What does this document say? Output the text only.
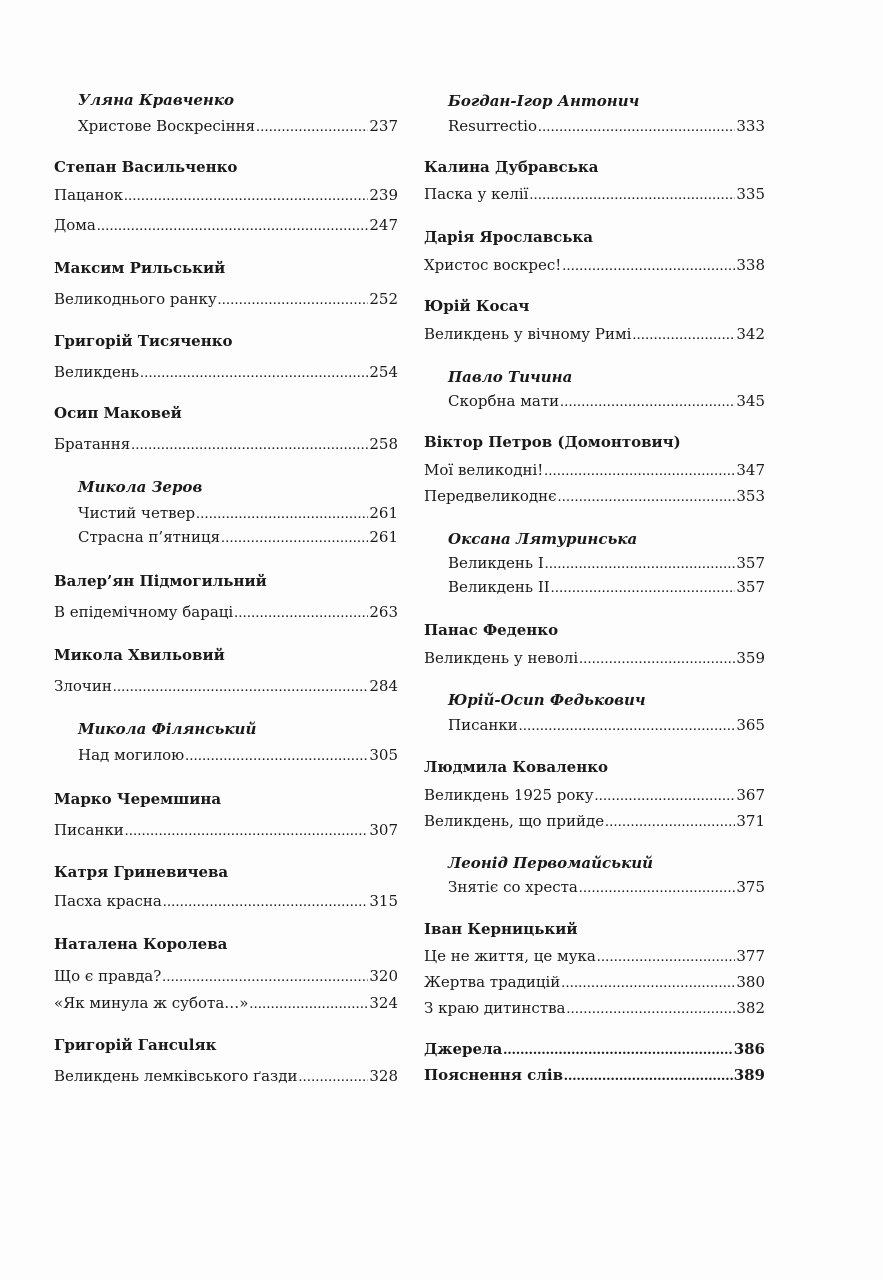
Уляна Кравченко
Христове Воскресіння .....	237
Степан Васильченко
Пацанок .....	239
Дома .....	247
Максим Рильський
Великоднього ранку .....	252
Григорій Тисяченко
Великдень .....	254
Осип Маковей
Братання .....	258
Микола Зеров
Чистий четвер .....	261
Страсна п’ятниця .....	261
Валер’ян Підмогильний
В епідемічному бараці .....	263
Микола Хвильовий
Злочин .....	284
Микола Філянський
Над могилою .....	305
Марко Черемшина
Писанки .....	307
Катря Гриневичева
Пасха красна .....	315
Наталена Королева
Що є правда? .....	320
«Як минула ж субота…» .....	324
Григорій Ганculяк
Великдень лемківського ґазди .....	328
Богдан-Ігор Антонич
Resurrectio .....	333
Калина Дубравська
Паска у келії .....	335
Дарія Ярославська
Христос воскрес! .....	338
Юрій Косач
Великдень у вічному Римі .....	342
Павло Тичина
Скорбна мати .....	345
Віктор Петров (Домонтович)
Мої великодні! .....	347
Передвеликоднє .....	353
Оксана Лятуринська
Великдень I .....	357
Великдень II .....	357
Панас Феденко
Великдень у неволі .....	359
Юрій-Осип Федькович
Писанки .....	365
Людмила Коваленко
Великдень 1925 року .....	367
Великдень, що прийде .....	371
Леонід Первомайський
Знятіє со хреста .....	375
Іван Керницький
Це не життя, це мука .....	377
Жертва традицій .....	380
З краю дитинства .....	382
Джерела .....	386
Пояснення слів .....	389
